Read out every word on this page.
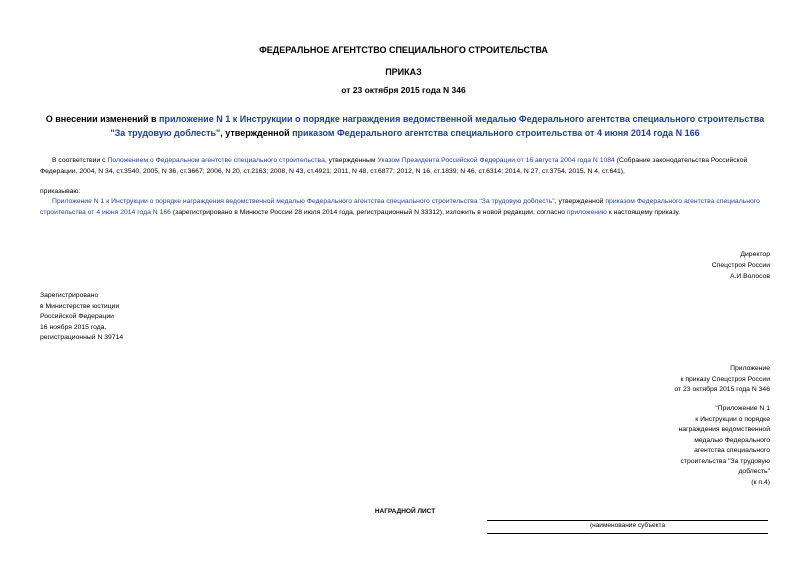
ФЕДЕРАЛЬНОЕ АГЕНТСТВО СПЕЦИАЛЬНОГО СТРОИТЕЛЬСТВА
ПРИКАЗ
от 23 октября 2015 года N 346
О внесении изменений в приложение N 1 к Инструкции о порядке награждения ведомственной медалью Федерального агентства специального строительства "За трудовую доблесть", утвержденной приказом Федерального агентства специального строительства от 4 июня 2014 года N 166
В соответствии с Положением о Федеральном агентстве специального строительства, утвержденным Указом Президента Российской Федерации от 16 августа 2004 года N 1084 (Собрание законодательства Российской Федерации, 2004, N 34, ст.3540; 2005, N 36, ст.3667; 2006, N 20, ст.2163; 2008, N 43, ст.4921; 2011, N 48, ст.6877; 2012, N 16, ст.1839; N 46, ст.6314; 2014, N 27, ст.3754, 2015, N 4, ст.641),
приказываю:
Приложение N 1 к Инструкции о порядке награждения ведомственной медалью Федерального агентства специального строительства "За трудовую доблесть", утвержденной приказом Федерального агентства специального строительства от 4 июня 2014 года N 166 (зарегистрировано в Минюсте России 28 июля 2014 года, регистрационный N 33312), изложить в новой редакции, согласно приложению к настоящему приказу.
Директор
Спецстроя России
А.И.Волосов
Зарегистрировано
в Министерстве юстиции
Российской Федерации
16 ноября 2015 года,
регистрационный N 39714
Приложение
к приказу Спецстроя России
от 23 октября 2015 года N 346
"Приложение N 1
к Инструкции о порядке
награждения ведомственной
медалью Федерального
агентства специального
строительства "За трудовую
доблесть"
(к п.4)
НАГРАДНОЙ ЛИСТ
(наименование субъекта
